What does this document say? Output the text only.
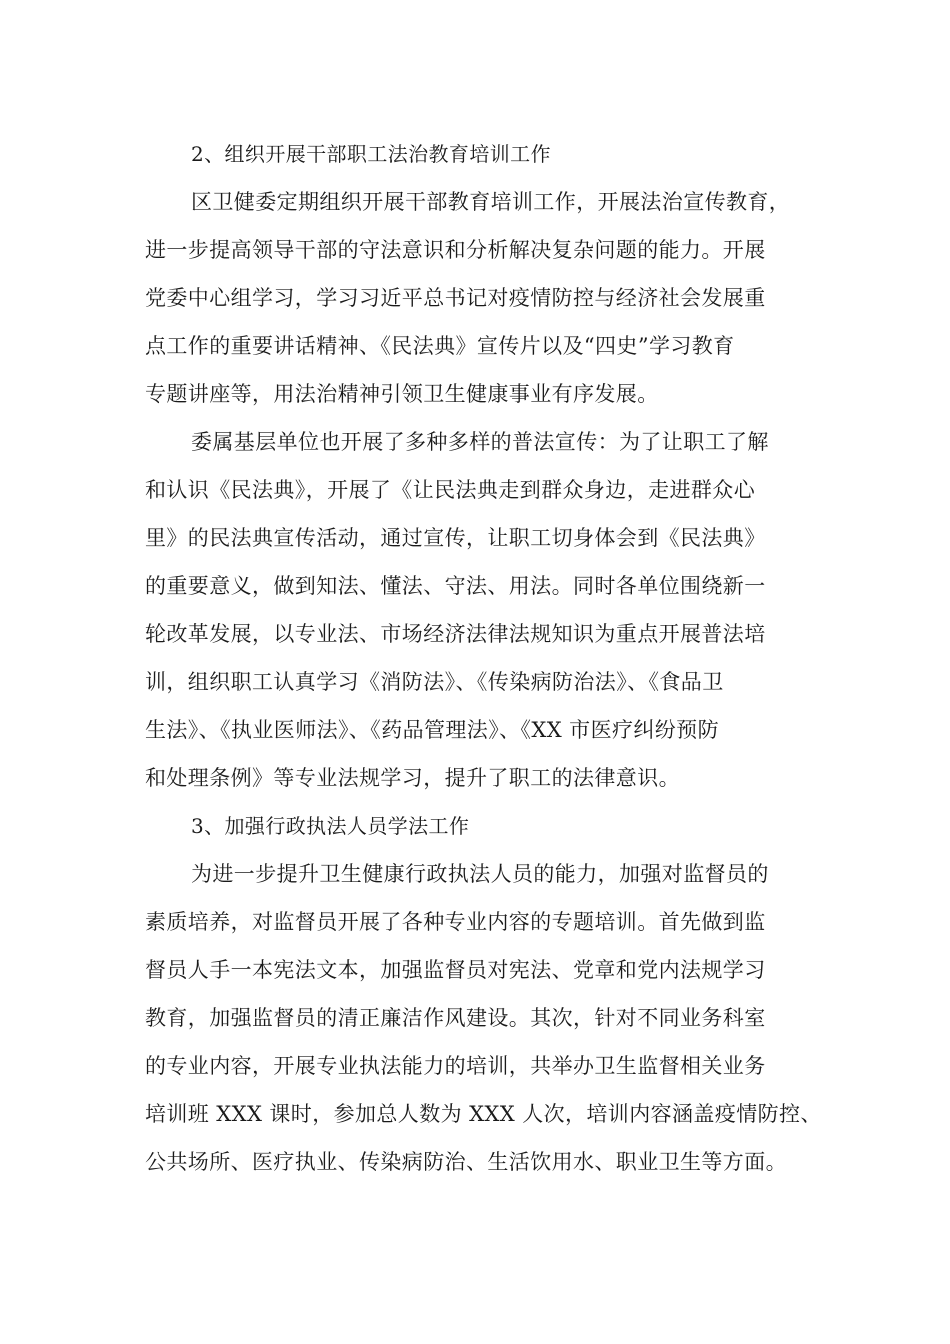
2、组织开展干部职工法治教育培训工作
区卫健委定期组织开展干部教育培训工作，开展法治宣传教育，
进一步提高领导干部的守法意识和分析解决复杂问题的能力。开展
党委中心组学习，学习习近平总书记对疫情防控与经济社会发展重
点工作的重要讲话精神、《民法典》宣传片以及“四史”学习教育
专题讲座等，用法治精神引领卫生健康事业有序发展。
委属基层单位也开展了多种多样的普法宣传：为了让职工了解
和认识《民法典》，开展了《让民法典走到群众身边，走进群众心
里》的民法典宣传活动，通过宣传，让职工切身体会到《民法典》
的重要意义，做到知法、懂法、守法、用法。同时各单位围绕新一
轮改革发展，以专业法、市场经济法律法规知识为重点开展普法培
训，组织职工认真学习《消防法》、《传染病防治法》、《食品卫
生法》、《执业医师法》、《药品管理法》、《XX 市医疗纠纷预防
和处理条例》等专业法规学习，提升了职工的法律意识。
3、加强行政执法人员学法工作
为进一步提升卫生健康行政执法人员的能力，加强对监督员的
素质培养，对监督员开展了各种专业内容的专题培训。首先做到监
督员人手一本宪法文本，加强监督员对宪法、党章和党内法规学习
教育，加强监督员的清正廉洁作风建设。其次，针对不同业务科室
的专业内容，开展专业执法能力的培训，共举办卫生监督相关业务
培训班 XXX 课时，参加总人数为 XXX 人次，培训内容涵盖疫情防控、
公共场所、医疗执业、传染病防治、生活饮用水、职业卫生等方面。
